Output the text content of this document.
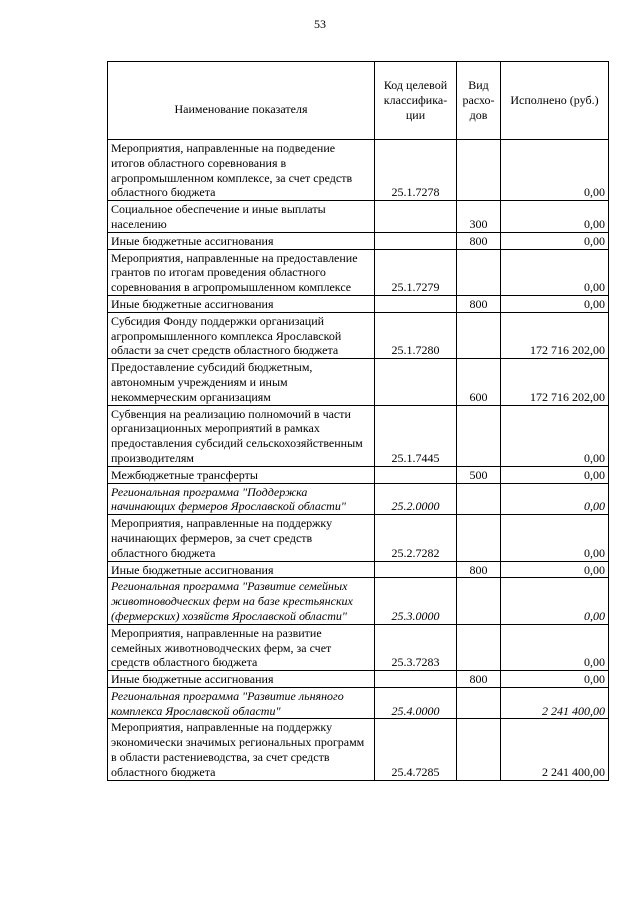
53
Наименование показателя	Код целевой классифика-ции	Вид расхо-дов	Исполнено (руб.)
Мероприятия, направленные на подведение итогов областного соревнования в агропромышленном комплексе, за счет средств областного бюджета	25.1.7278		0,00
Социальное обеспечение и иные выплаты населению		300	0,00
Иные бюджетные ассигнования		800	0,00
Мероприятия, направленные на предоставление грантов по итогам проведения областного соревнования в агропромышленном комплексе	25.1.7279		0,00
Иные бюджетные ассигнования		800	0,00
Субсидия Фонду поддержки организаций агропромышленного комплекса Ярославской области за счет средств областного бюджета	25.1.7280		172 716 202,00
Предоставление субсидий бюджетным, автономным учреждениям и иным некоммерческим организациям		600	172 716 202,00
Субвенция на реализацию полномочий в части организационных мероприятий в рамках предоставления субсидий сельскохозяйственным производителям	25.1.7445		0,00
Межбюджетные трансферты		500	0,00
Региональная программа "Поддержка начинающих фермеров Ярославской области"	25.2.0000		0,00
Мероприятия, направленные на поддержку начинающих фермеров, за счет средств областного бюджета	25.2.7282		0,00
Иные бюджетные ассигнования		800	0,00
Региональная программа "Развитие семейных животноводческих ферм на базе крестьянских (фермерских) хозяйств Ярославской области"	25.3.0000		0,00
Мероприятия, направленные на развитие семейных животноводческих ферм, за счет средств областного бюджета	25.3.7283		0,00
Иные бюджетные ассигнования		800	0,00
Региональная программа "Развитие льняного комплекса Ярославской области"	25.4.0000		2 241 400,00
Мероприятия, направленные на поддержку экономически значимых региональных программ в области растениеводства, за счет средств областного бюджета	25.4.7285		2 241 400,00
